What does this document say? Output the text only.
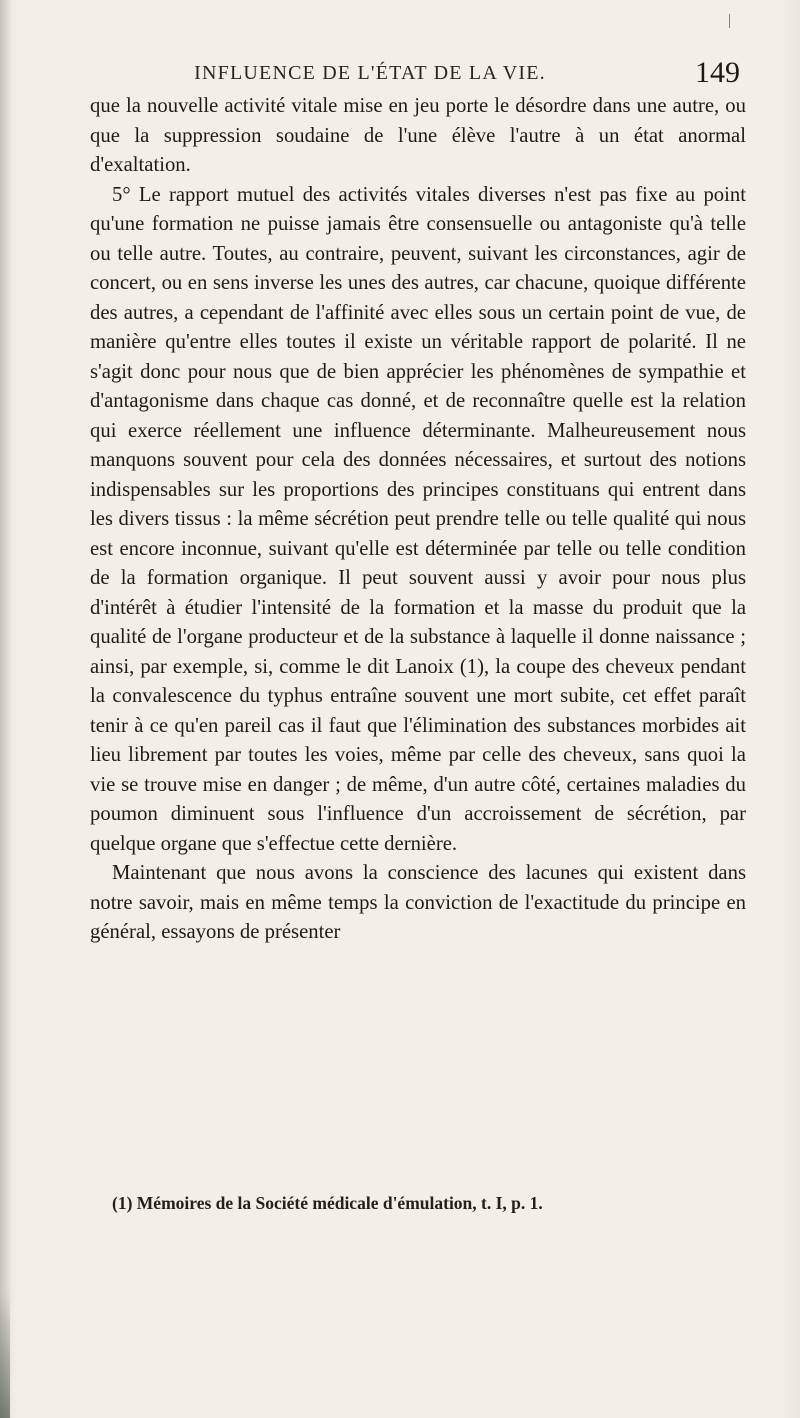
INFLUENCE DE L'ÉTAT DE LA VIE.	149

que la nouvelle activité vitale mise en jeu porte le désordre dans une autre, ou que la suppression soudaine de l'une élève l'autre à un état anormal d'exaltation.

5° Le rapport mutuel des activités vitales diverses n'est pas fixe au point qu'une formation ne puisse jamais être consensuelle ou antagoniste qu'à telle ou telle autre. Toutes, au contraire, peuvent, suivant les circonstances, agir de concert, ou en sens inverse les unes des autres, car chacune, quoique différente des autres, a cependant de l'affinité avec elles sous un certain point de vue, de manière qu'entre elles toutes il existe un véritable rapport de polarité. Il ne s'agit donc pour nous que de bien apprécier les phénomènes de sympathie et d'antagonisme dans chaque cas donné, et de reconnaître quelle est la relation qui exerce réellement une influence déterminante. Malheureusement nous manquons souvent pour cela des données nécessaires, et surtout des notions indispensables sur les proportions des principes constituans qui entrent dans les divers tissus : la même sécrétion peut prendre telle ou telle qualité qui nous est encore inconnue, suivant qu'elle est déterminée par telle ou telle condition de la formation organique. Il peut souvent aussi y avoir pour nous plus d'intérêt à étudier l'intensité de la formation et la masse du produit que la qualité de l'organe producteur et de la substance à laquelle il donne naissance ; ainsi, par exemple, si, comme le dit Lanoix (1), la coupe des cheveux pendant la convalescence du typhus entraîne souvent une mort subite, cet effet paraît tenir à ce qu'en pareil cas il faut que l'élimination des substances morbides ait lieu librement par toutes les voies, même par celle des cheveux, sans quoi la vie se trouve mise en danger ; de même, d'un autre côté, certaines maladies du poumon diminuent sous l'influence d'un accroissement de sécrétion, par quelque organe que s'effectue cette dernière.

Maintenant que nous avons la conscience des lacunes qui existent dans notre savoir, mais en même temps la conviction de l'exactitude du principe en général, essayons de présenter

(1) Mémoires de la Société médicale d'émulation, t. I, p. 1.
